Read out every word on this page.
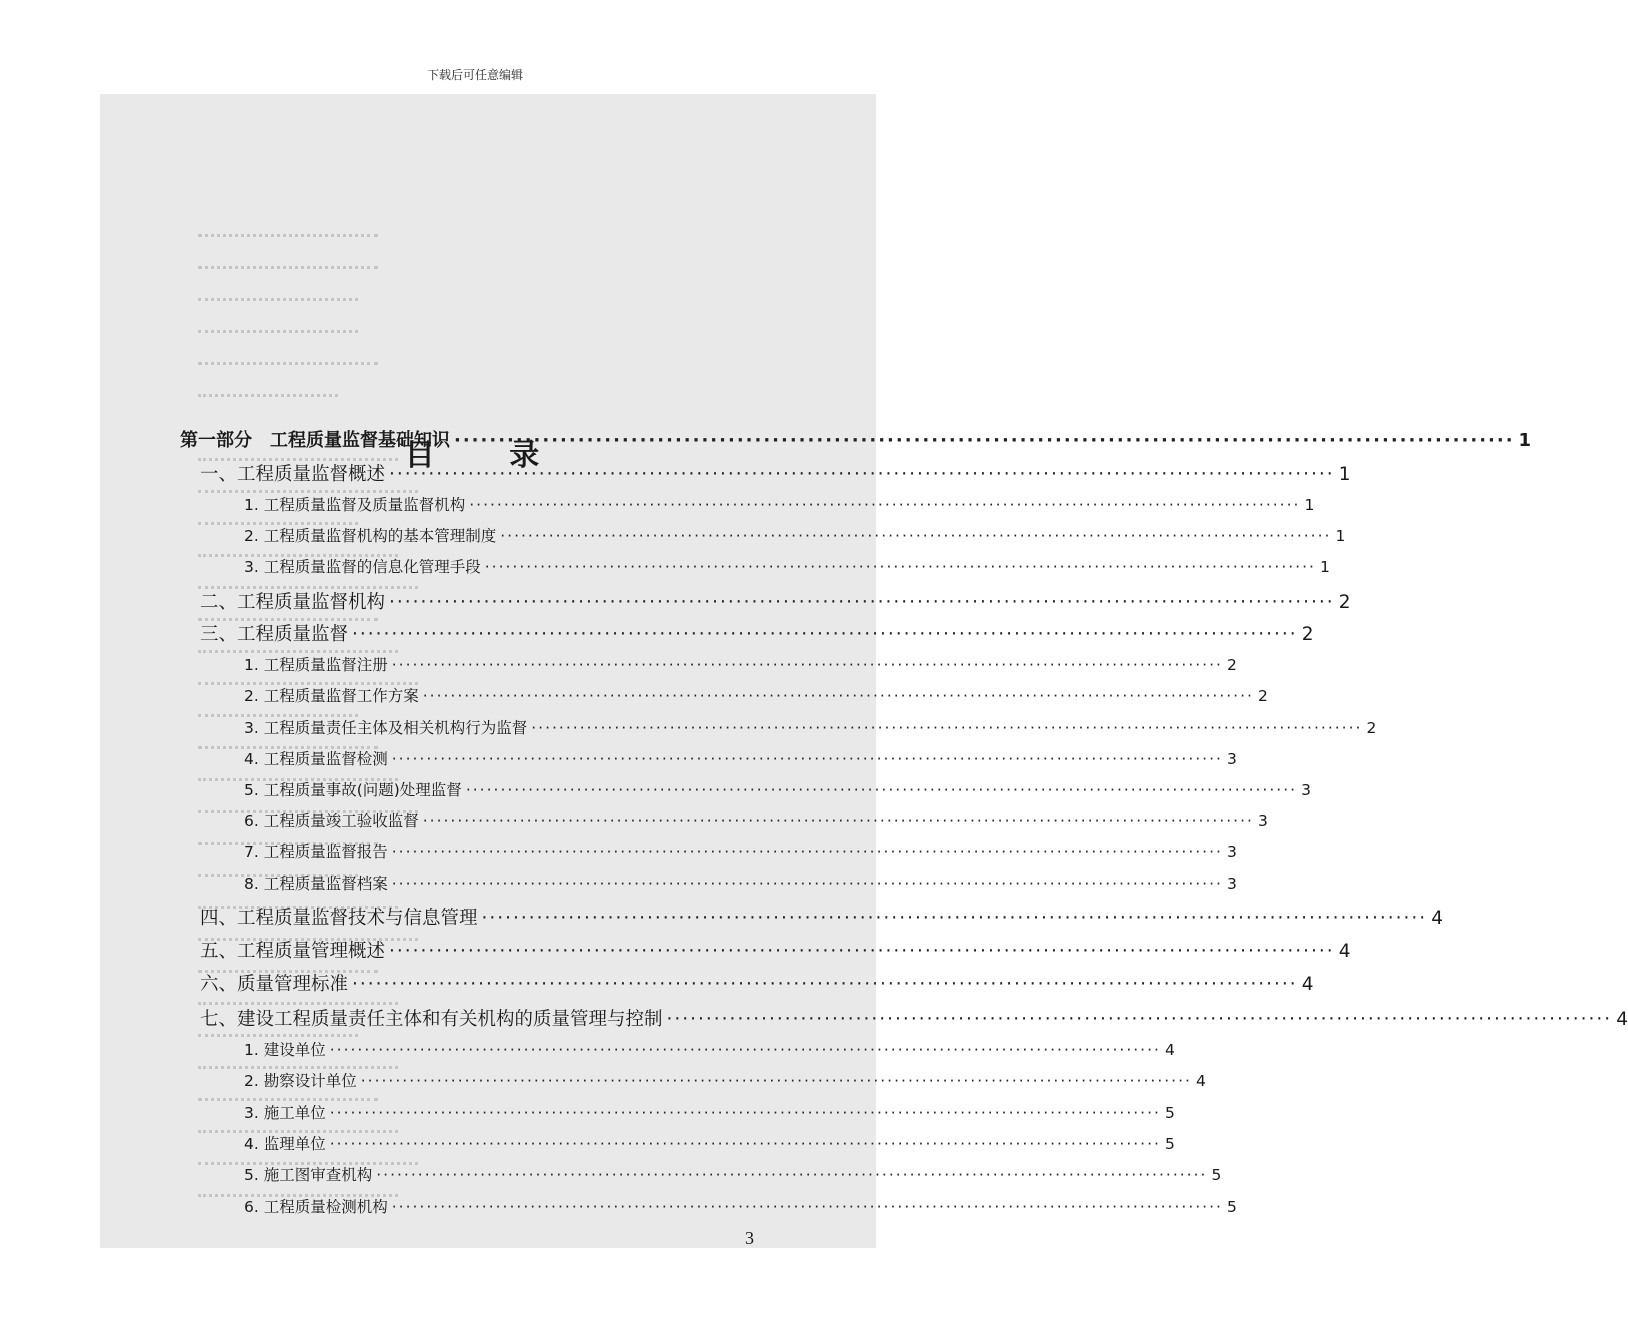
下载后可任意编辑
目 录
第一部分　工程质量监督基础知识 ························································································································ 1
一、工程质量监督概述 ························································································································ 1
1. 工程质量监督及质量监督机构 ························································································································ 1
2. 工程质量监督机构的基本管理制度 ························································································································ 1
3. 工程质量监督的信息化管理手段 ························································································································ 1
二、工程质量监督机构 ························································································································ 2
三、工程质量监督 ························································································································ 2
1. 工程质量监督注册 ························································································································ 2
2. 工程质量监督工作方案 ························································································································ 2
3. 工程质量责任主体及相关机构行为监督 ························································································································ 2
4. 工程质量监督检测 ························································································································ 3
5. 工程质量事故(问题)处理监督 ························································································································ 3
6. 工程质量竣工验收监督 ························································································································ 3
7. 工程质量监督报告 ························································································································ 3
8. 工程质量监督档案 ························································································································ 3
四、工程质量监督技术与信息管理 ························································································································ 4
五、工程质量管理概述 ························································································································ 4
六、质量管理标准 ························································································································ 4
七、建设工程质量责任主体和有关机构的质量管理与控制 ························································································································ 4
1. 建设单位 ························································································································ 4
2. 勘察设计单位 ························································································································ 4
3. 施工单位 ························································································································ 5
4. 监理单位 ························································································································ 5
5. 施工图审查机构 ························································································································ 5
6. 工程质量检测机构 ························································································································ 5
3
